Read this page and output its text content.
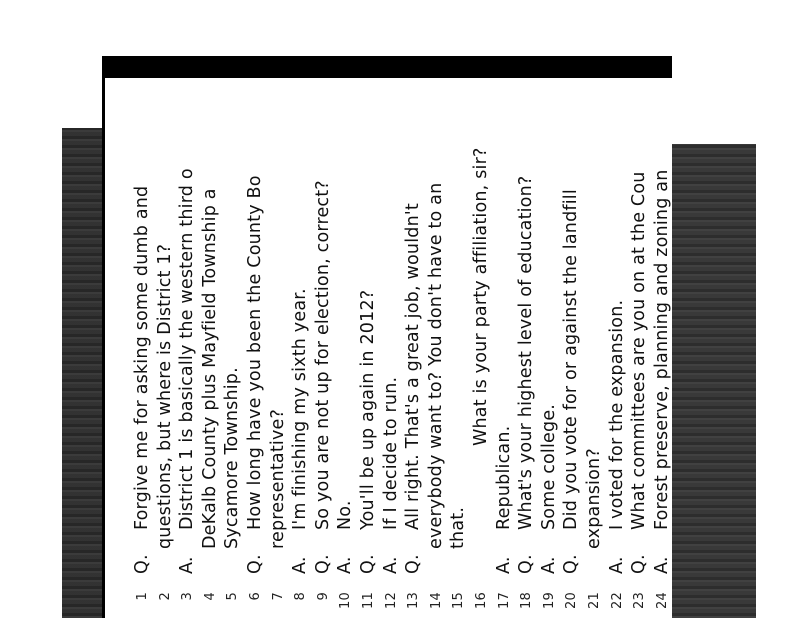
1
Q.
Forgive me for asking some dumb and
2
questions, but where is District 1?
3
A.
District 1 is basically the western third o
4
DeKalb County plus Mayfield Township a
5
Sycamore Township.
6
Q.
How long have you been the County Bo
7
representative?
8
A.
I'm finishing my sixth year.
9
Q.
So you are not up for election, correct?
10
A.
No.
11
Q.
You'll be up again in 2012?
12
A.
If I decide to run.
13
Q.
All right. That's a great job, wouldn't
14
everybody want to? You don't have to an
15
that.
16
What is your party affiliation, sir?
17
A.
Republican.
18
Q.
What's your highest level of education?
19
A.
Some college.
20
Q.
Did you vote for or against the landfill
21
expansion?
22
A.
I voted for the expansion.
23
Q.
What committees are you on at the Cou
24
A.
Forest preserve, planning and zoning an
